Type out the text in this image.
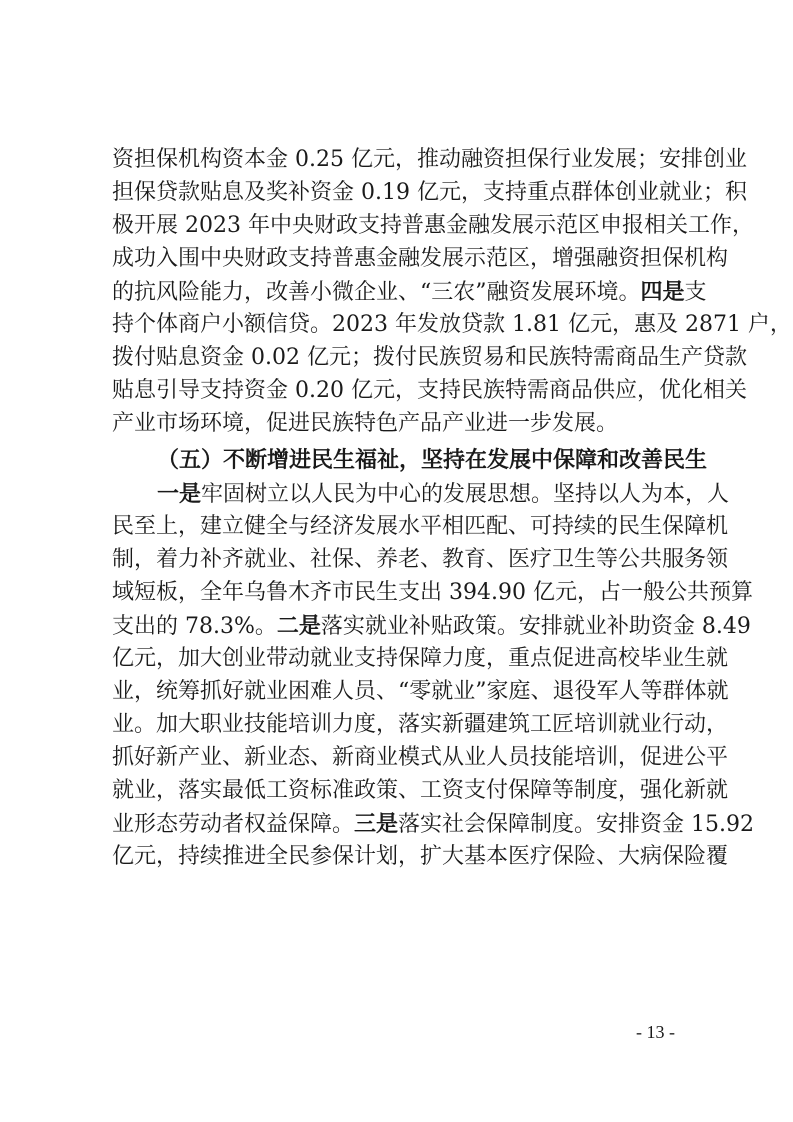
资担保机构资本金 0.25 亿元，推动融资担保行业发展；安排创业
担保贷款贴息及奖补资金 0.19 亿元，支持重点群体创业就业；积
极开展 2023 年中央财政支持普惠金融发展示范区申报相关工作，
成功入围中央财政支持普惠金融发展示范区，增强融资担保机构
的抗风险能力，改善小微企业、“三农”融资发展环境。四是支
持个体商户小额信贷。2023 年发放贷款 1.81 亿元，惠及 2871 户，
拨付贴息资金 0.02 亿元；拨付民族贸易和民族特需商品生产贷款
贴息引导支持资金 0.20 亿元，支持民族特需商品供应，优化相关
产业市场环境，促进民族特色产品产业进一步发展。
（五）不断增进民生福祉，坚持在发展中保障和改善民生
一是牢固树立以人民为中心的发展思想。坚持以人为本，人
民至上，建立健全与经济发展水平相匹配、可持续的民生保障机
制，着力补齐就业、社保、养老、教育、医疗卫生等公共服务领
域短板，全年乌鲁木齐市民生支出 394.90 亿元，占一般公共预算
支出的 78.3%。二是落实就业补贴政策。安排就业补助资金 8.49
亿元，加大创业带动就业支持保障力度，重点促进高校毕业生就
业，统筹抓好就业困难人员、“零就业”家庭、退役军人等群体就
业。加大职业技能培训力度，落实新疆建筑工匠培训就业行动，
抓好新产业、新业态、新商业模式从业人员技能培训，促进公平
就业，落实最低工资标准政策、工资支付保障等制度，强化新就
业形态劳动者权益保障。三是落实社会保障制度。安排资金 15.92
亿元，持续推进全民参保计划，扩大基本医疗保险、大病保险覆
- 13 -
